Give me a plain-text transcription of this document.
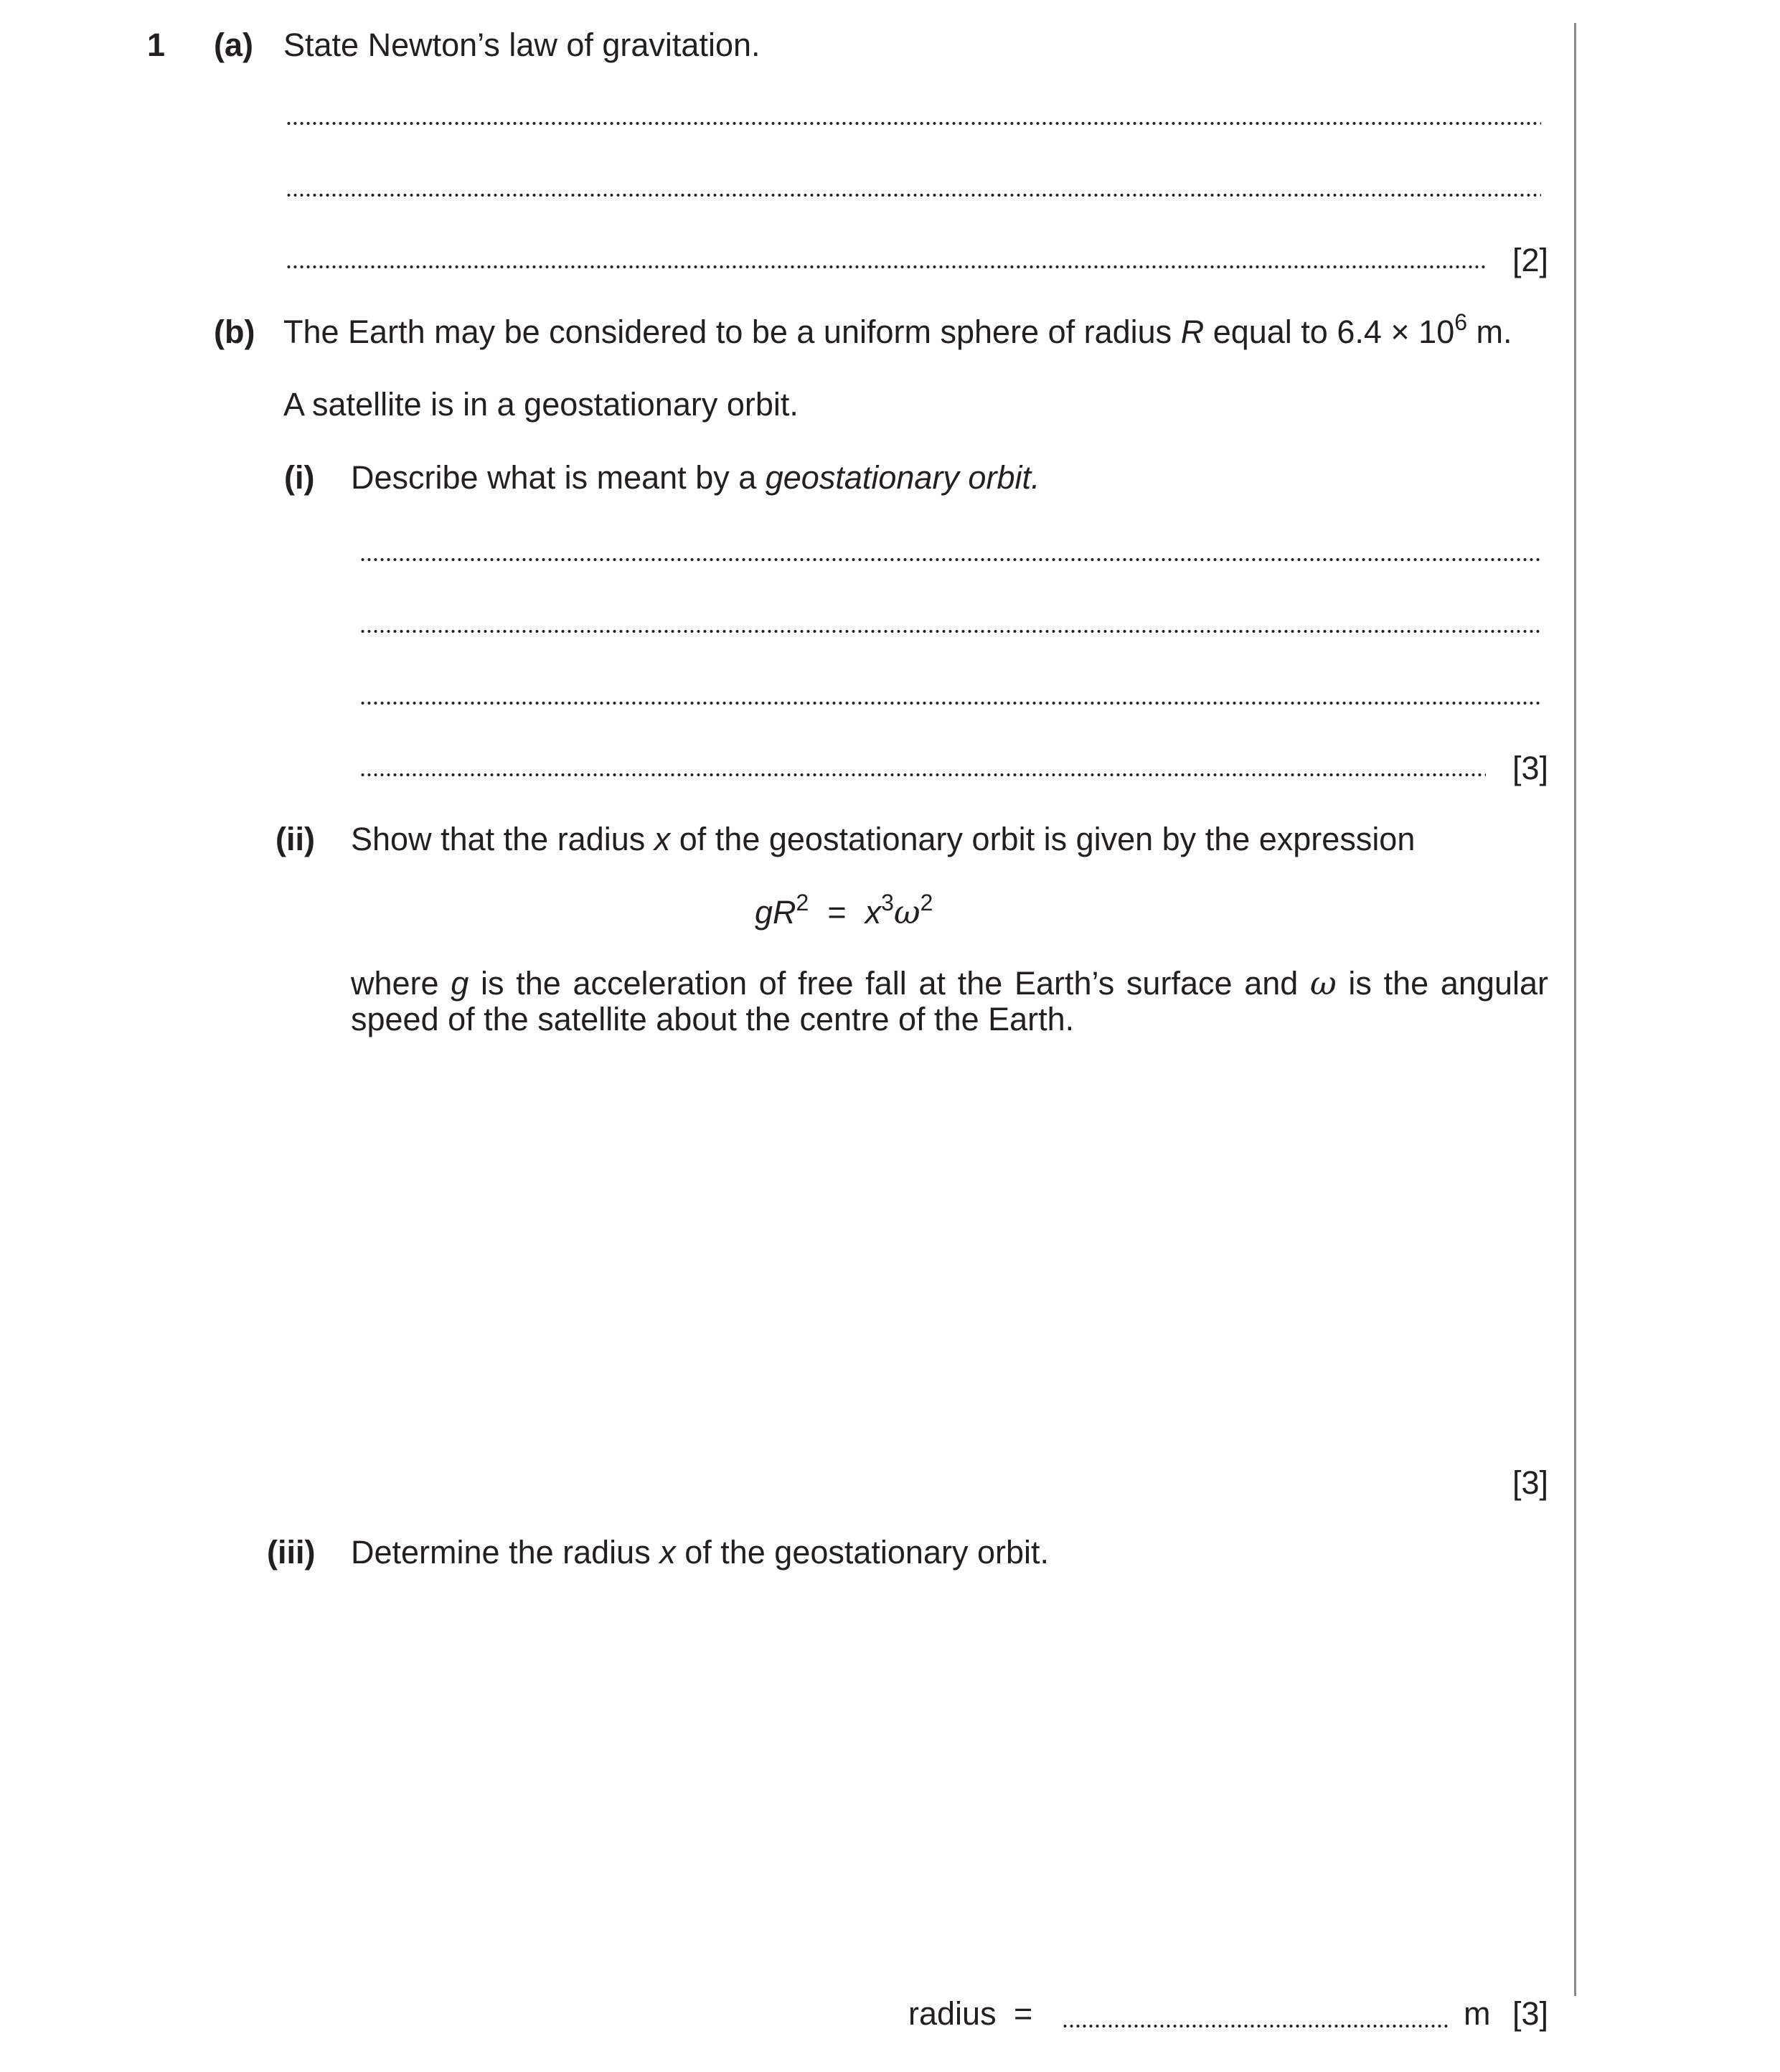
1 (a) State Newton’s law of gravitation.
[2]
(b) The Earth may be considered to be a uniform sphere of radius R equal to $6.4 \times 10^6$ m.
A satellite is in a geostationary orbit.
(i) Describe what is meant by a geostationary orbit.
[3]
(ii) Show that the radius x of the geostationary orbit is given by the expression
$gR^2 = x^3\omega^2$
where g is the acceleration of free fall at the Earth’s surface and ω is the angular speed of the satellite about the centre of the Earth.
[3]
(iii) Determine the radius x of the geostationary orbit.
radius =	m [3]
